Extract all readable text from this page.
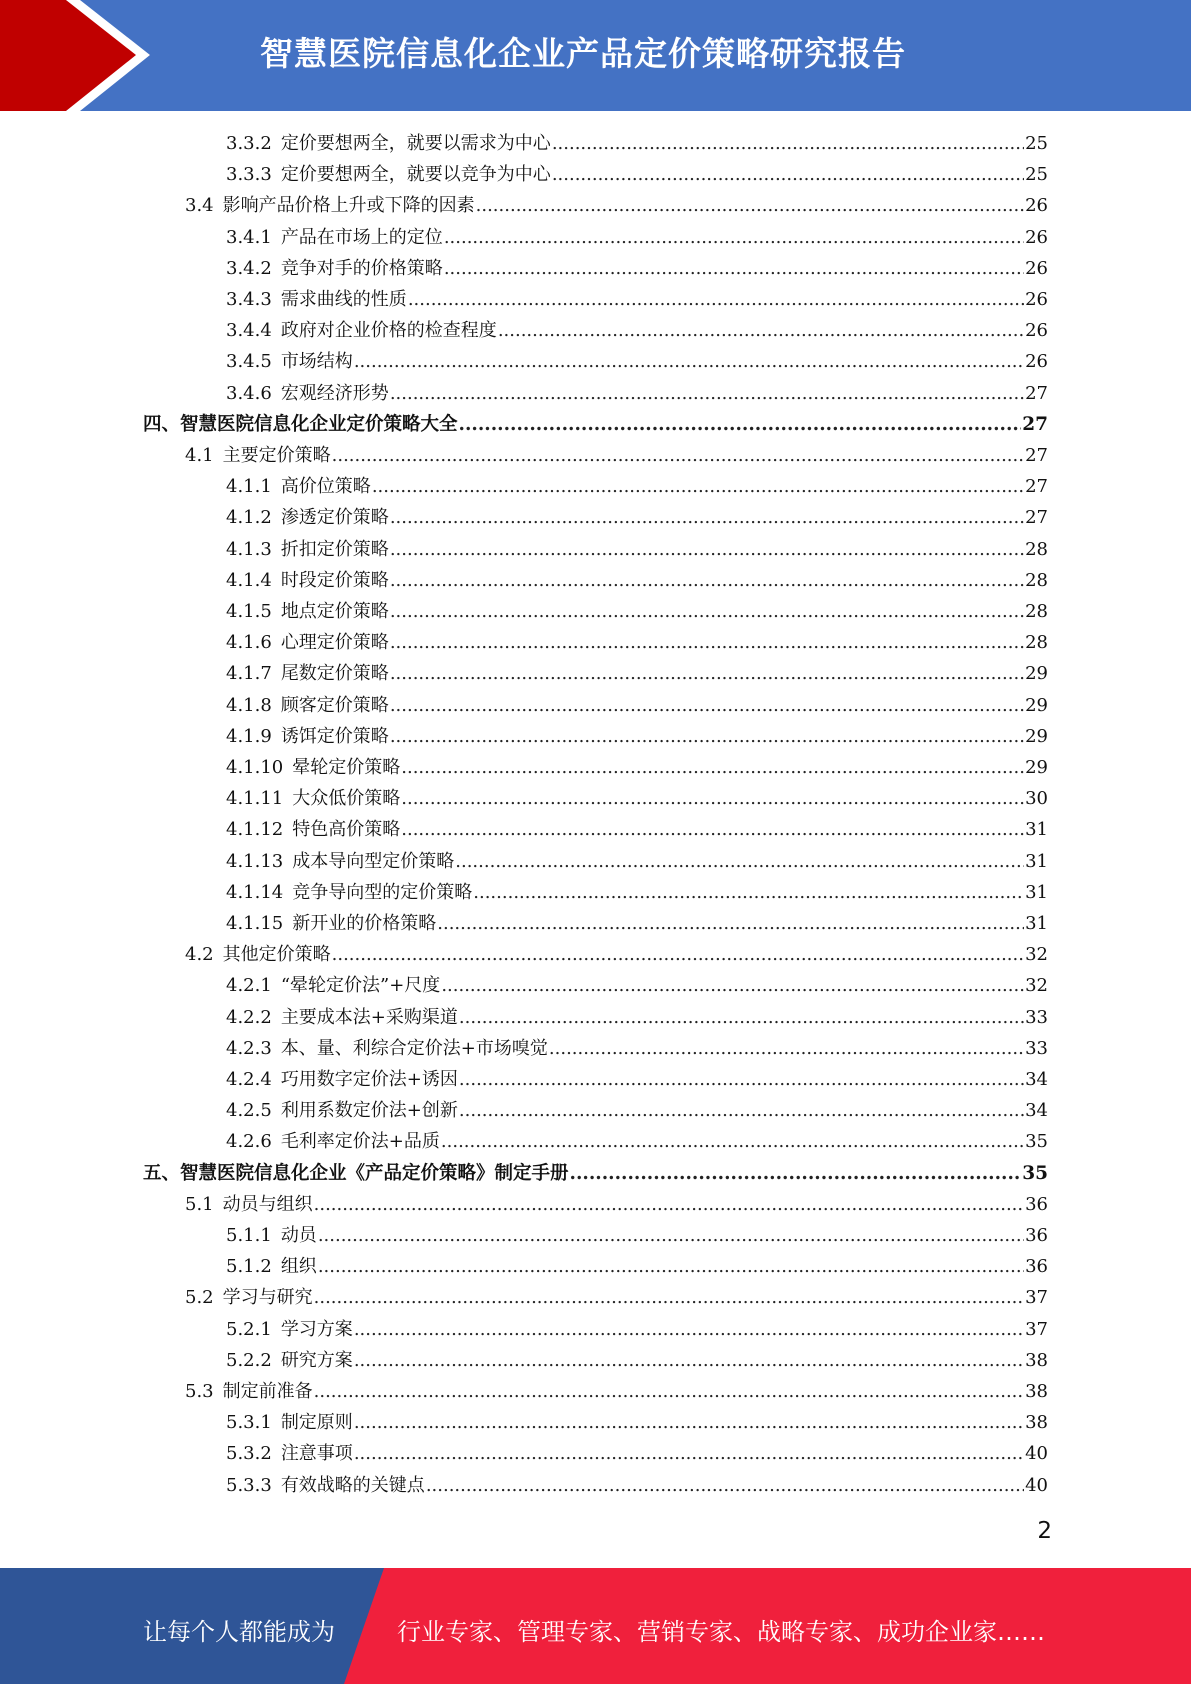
智慧医院信息化企业产品定价策略研究报告
3.3.2 定价要想两全，就要以需求为中心 .....	25
3.3.3 定价要想两全，就要以竞争为中心 .....	25
3.4 影响产品价格上升或下降的因素 .....	26
3.4.1 产品在市场上的定位 .....	26
3.4.2 竞争对手的价格策略 .....	26
3.4.3 需求曲线的性质 .....	26
3.4.4 政府对企业价格的检查程度 .....	26
3.4.5 市场结构 .....	26
3.4.6 宏观经济形势 .....	27
四、智慧医院信息化企业定价策略大全 .....	27
4.1 主要定价策略 .....	27
4.1.1 高价位策略 .....	27
4.1.2 渗透定价策略 .....	27
4.1.3 折扣定价策略 .....	28
4.1.4 时段定价策略 .....	28
4.1.5 地点定价策略 .....	28
4.1.6 心理定价策略 .....	28
4.1.7 尾数定价策略 .....	29
4.1.8 顾客定价策略 .....	29
4.1.9 诱饵定价策略 .....	29
4.1.10 晕轮定价策略 .....	29
4.1.11 大众低价策略 .....	30
4.1.12 特色高价策略 .....	31
4.1.13 成本导向型定价策略 .....	31
4.1.14 竞争导向型的定价策略 .....	31
4.1.15 新开业的价格策略 .....	31
4.2 其他定价策略 .....	32
4.2.1 “晕轮定价法”+尺度 .....	32
4.2.2 主要成本法+采购渠道 .....	33
4.2.3 本、量、利综合定价法+市场嗅觉 .....	33
4.2.4 巧用数字定价法+诱因 .....	34
4.2.5 利用系数定价法+创新 .....	34
4.2.6 毛利率定价法+品质 .....	35
五、智慧医院信息化企业《产品定价策略》制定手册 .....	35
5.1 动员与组织 .....	36
5.1.1 动员 .....	36
5.1.2 组织 .....	36
5.2 学习与研究 .....	37
5.2.1 学习方案 .....	37
5.2.2 研究方案 .....	38
5.3 制定前准备 .....	38
5.3.1 制定原则 .....	38
5.3.2 注意事项 .....	40
5.3.3 有效战略的关键点 .....	40
2

让每个人都能成为	行业专家、管理专家、营销专家、战略专家、成功企业家……
